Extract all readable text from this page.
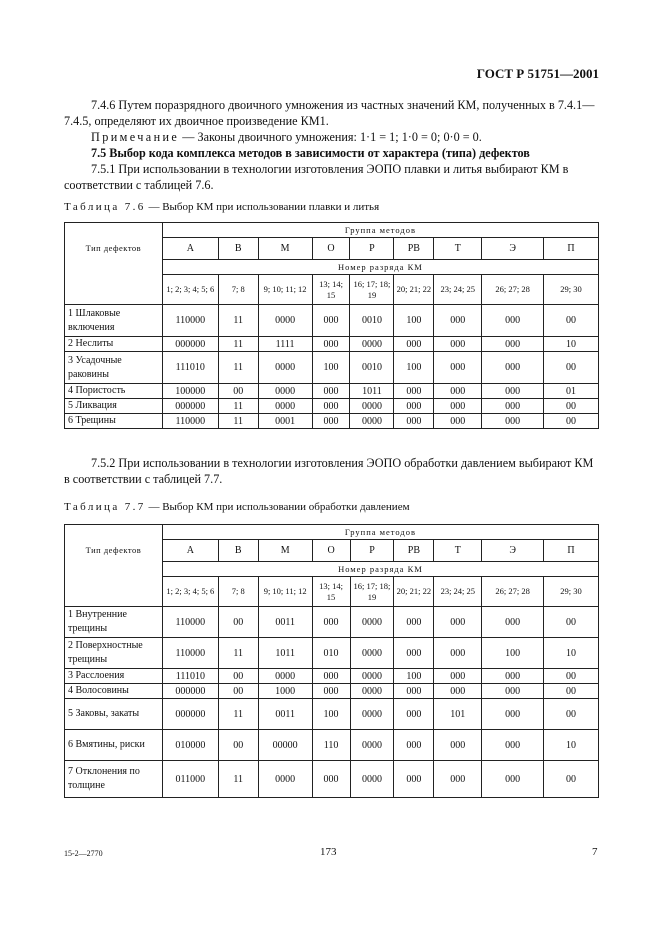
ГОСТ Р 51751—2001
7.4.6 Путем поразрядного двоичного умножения из частных значений КМ, полученных в 7.4.1—7.4.5, определяют их двоичное произведение КМ1.
Примечание — Законы двоичного умножения: 1·1 = 1; 1·0 = 0; 0·0 = 0.
7.5 Выбор кода комплекса методов в зависимости от характера (типа) дефектов
7.5.1 При использовании в технологии изготовления ЭОПО плавки и литья выбирают КМ в соответствии с таблицей 7.6.
Таблица 7.6 — Выбор КМ при использовании плавки и литья
Тип дефектов	Группа методов								
	А	В	М	О	Р	РВ	Т	Э	П
	Номер разряда КМ								
	1; 2; 3; 4; 5; 6	7; 8	9; 10; 11; 12	13; 14; 15	16; 17; 18; 19	20; 21; 22	23; 24; 25	26; 27; 28	29; 30
1 Шлаковые включения	110000	11	0000	000	0010	100	000	000	00
2 Неслиты	000000	11	1111	000	0000	000	000	000	10
3 Усадочные раковины	111010	11	0000	100	0010	100	000	000	00
4 Пористость	100000	00	0000	000	1011	000	000	000	01
5 Ликвация	000000	11	0000	000	0000	000	000	000	00
6 Трещины	110000	11	0001	000	0000	000	000	000	00
7.5.2 При использовании в технологии изготовления ЭОПО обработки давлением выбирают КМ в соответствии с таблицей 7.7.
Таблица 7.7 — Выбор КМ при использовании обработки давлением
Тип дефектов	Группа методов								
	А	В	М	О	Р	РВ	Т	Э	П
	Номер разряда КМ								
	1; 2; 3; 4; 5; 6	7; 8	9; 10; 11; 12	13; 14; 15	16; 17; 18; 19	20; 21; 22	23; 24; 25	26; 27; 28	29; 30
1 Внутренние трещины	110000	00	0011	000	0000	000	000	000	00
2 Поверхностные трещины	110000	11	1011	010	0000	000	000	100	10
3 Расслоения	111010	00	0000	000	0000	100	000	000	00
4 Волосовины	000000	00	1000	000	0000	000	000	000	00
5 Заковы, закаты	000000	11	0011	100	0000	000	101	000	00
6 Вмятины, риски	010000	00	00000	110	0000	000	000	000	10
7 Отклонения по толщине	011000	11	0000	000	0000	000	000	000	00
15-2—2770	173	7
